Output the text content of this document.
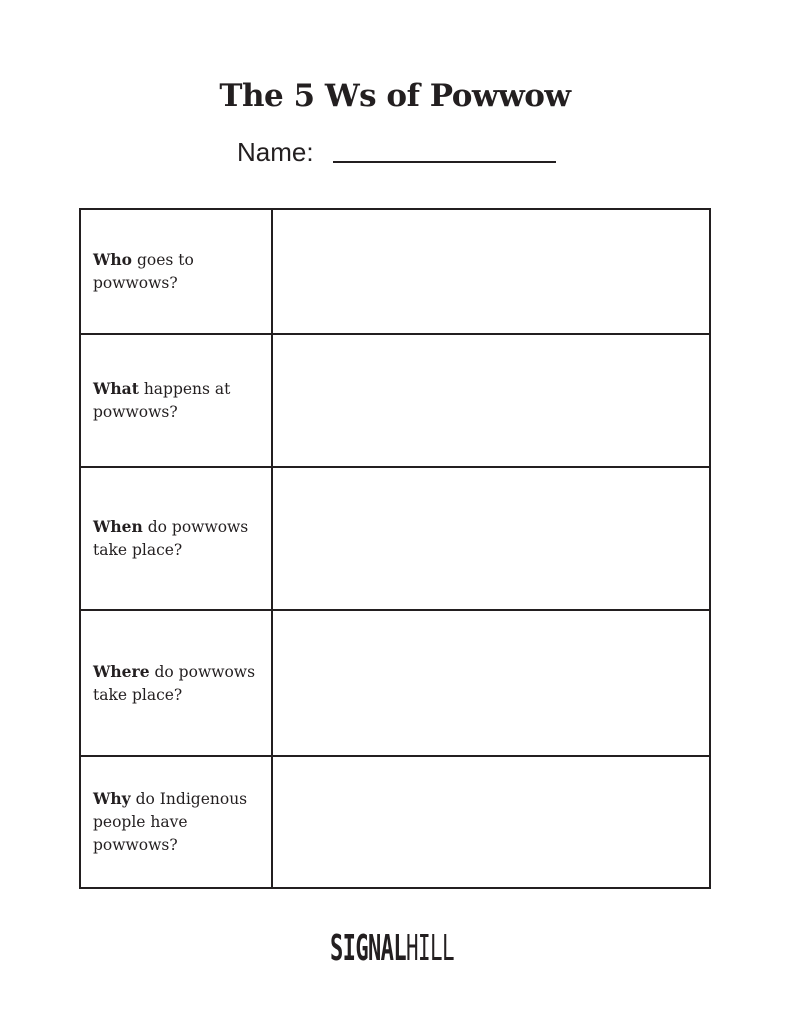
The 5 Ws of Powwow
Name:
Who goes to powwows?
What happens at powwows?
When do powwows take place?
Where do powwows take place?
Why do Indigenous people have powwows?
SIGNAL HILL
